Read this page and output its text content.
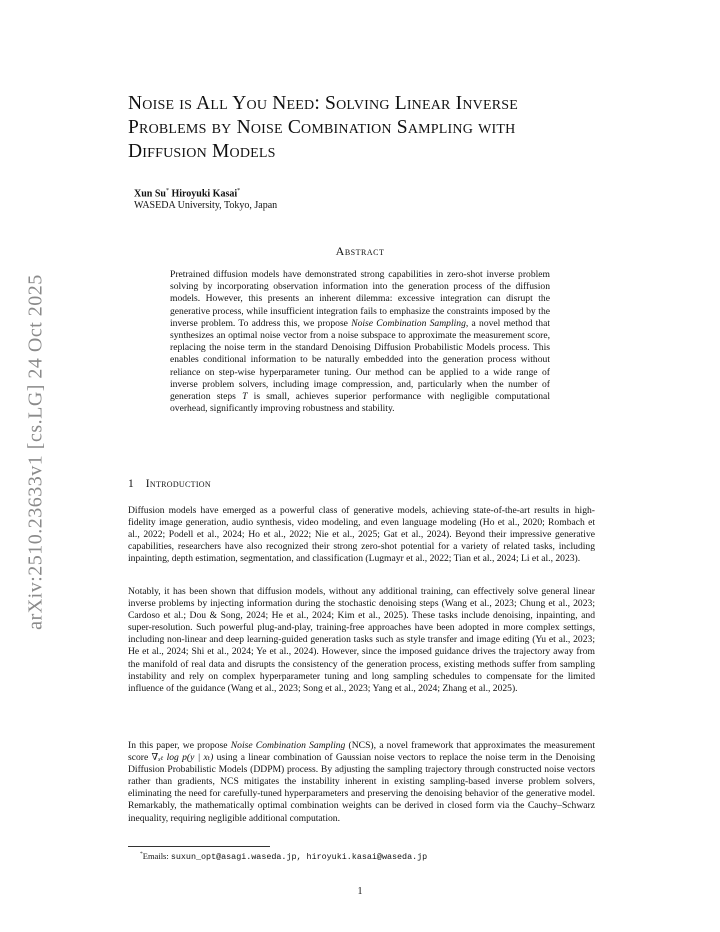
arXiv:2510.23633v1 [cs.LG] 24 Oct 2025
Noise is All You Need: Solving Linear Inverse
Problems by Noise Combination Sampling with
Diffusion Models
Xun Su* Hiroyuki Kasai*
WASEDA University, Tokyo, Japan
Abstract

Pretrained diffusion models have demonstrated strong capabilities in zero-shot inverse problem solving by incorporating observation information into the generation process of the diffusion models. However, this presents an inherent dilemma: excessive integration can disrupt the generative process, while insufficient integration fails to emphasize the constraints imposed by the inverse problem. To address this, we propose Noise Combination Sampling, a novel method that synthesizes an optimal noise vector from a noise subspace to approximate the measurement score, replacing the noise term in the standard Denoising Diffusion Probabilistic Models process. This enables conditional information to be naturally embedded into the generation process without reliance on step-wise hyperparameter tuning. Our method can be applied to a wide range of inverse problem solvers, including image compression, and, particularly when the number of generation steps T is small, achieves superior performance with negligible computational overhead, significantly improving robustness and stability.

1 Introduction

Diffusion models have emerged as a powerful class of generative models, achieving state-of-the-art results in high-fidelity image generation, audio synthesis, video modeling, and even language modeling (Ho et al., 2020; Rombach et al., 2022; Podell et al., 2024; Ho et al., 2022; Nie et al., 2025; Gat et al., 2024). Beyond their impressive generative capabilities, researchers have also recognized their strong zero-shot potential for a variety of related tasks, including inpainting, depth estimation, segmentation, and classification (Lugmayr et al., 2022; Tian et al., 2024; Li et al., 2023).

Notably, it has been shown that diffusion models, without any additional training, can effectively solve general linear inverse problems by injecting information during the stochastic denoising steps (Wang et al., 2023; Chung et al., 2023; Cardoso et al.; Dou & Song, 2024; He et al., 2024; Kim et al., 2025). These tasks include denoising, inpainting, and super-resolution. Such powerful plug-and-play, training-free approaches have been adopted in more complex settings, including non-linear and deep learning-guided generation tasks such as style transfer and image editing (Yu et al., 2023; He et al., 2024; Shi et al., 2024; Ye et al., 2024). However, since the imposed guidance drives the trajectory away from the manifold of real data and disrupts the consistency of the generation process, existing methods suffer from sampling instability and rely on complex hyperparameter tuning and long sampling schedules to compensate for the limited influence of the guidance (Wang et al., 2023; Song et al., 2023; Yang et al., 2024; Zhang et al., 2025).

In this paper, we propose Noise Combination Sampling (NCS), a novel framework that approximates the measurement score ∇ₓₜ log p(y | xₜ) using a linear combination of Gaussian noise vectors to replace the noise term in the Denoising Diffusion Probabilistic Models (DDPM) process. By adjusting the sampling trajectory through constructed noise vectors rather than gradients, NCS mitigates the instability inherent in existing sampling-based inverse problem solvers, eliminating the need for carefully-tuned hyperparameters and preserving the denoising behavior of the generative model. Remarkably, the mathematically optimal combination weights can be derived in closed form via the Cauchy–Schwarz inequality, requiring negligible additional computation.

*Emails: suxun_opt@asagi.waseda.jp, hiroyuki.kasai@waseda.jp
1
